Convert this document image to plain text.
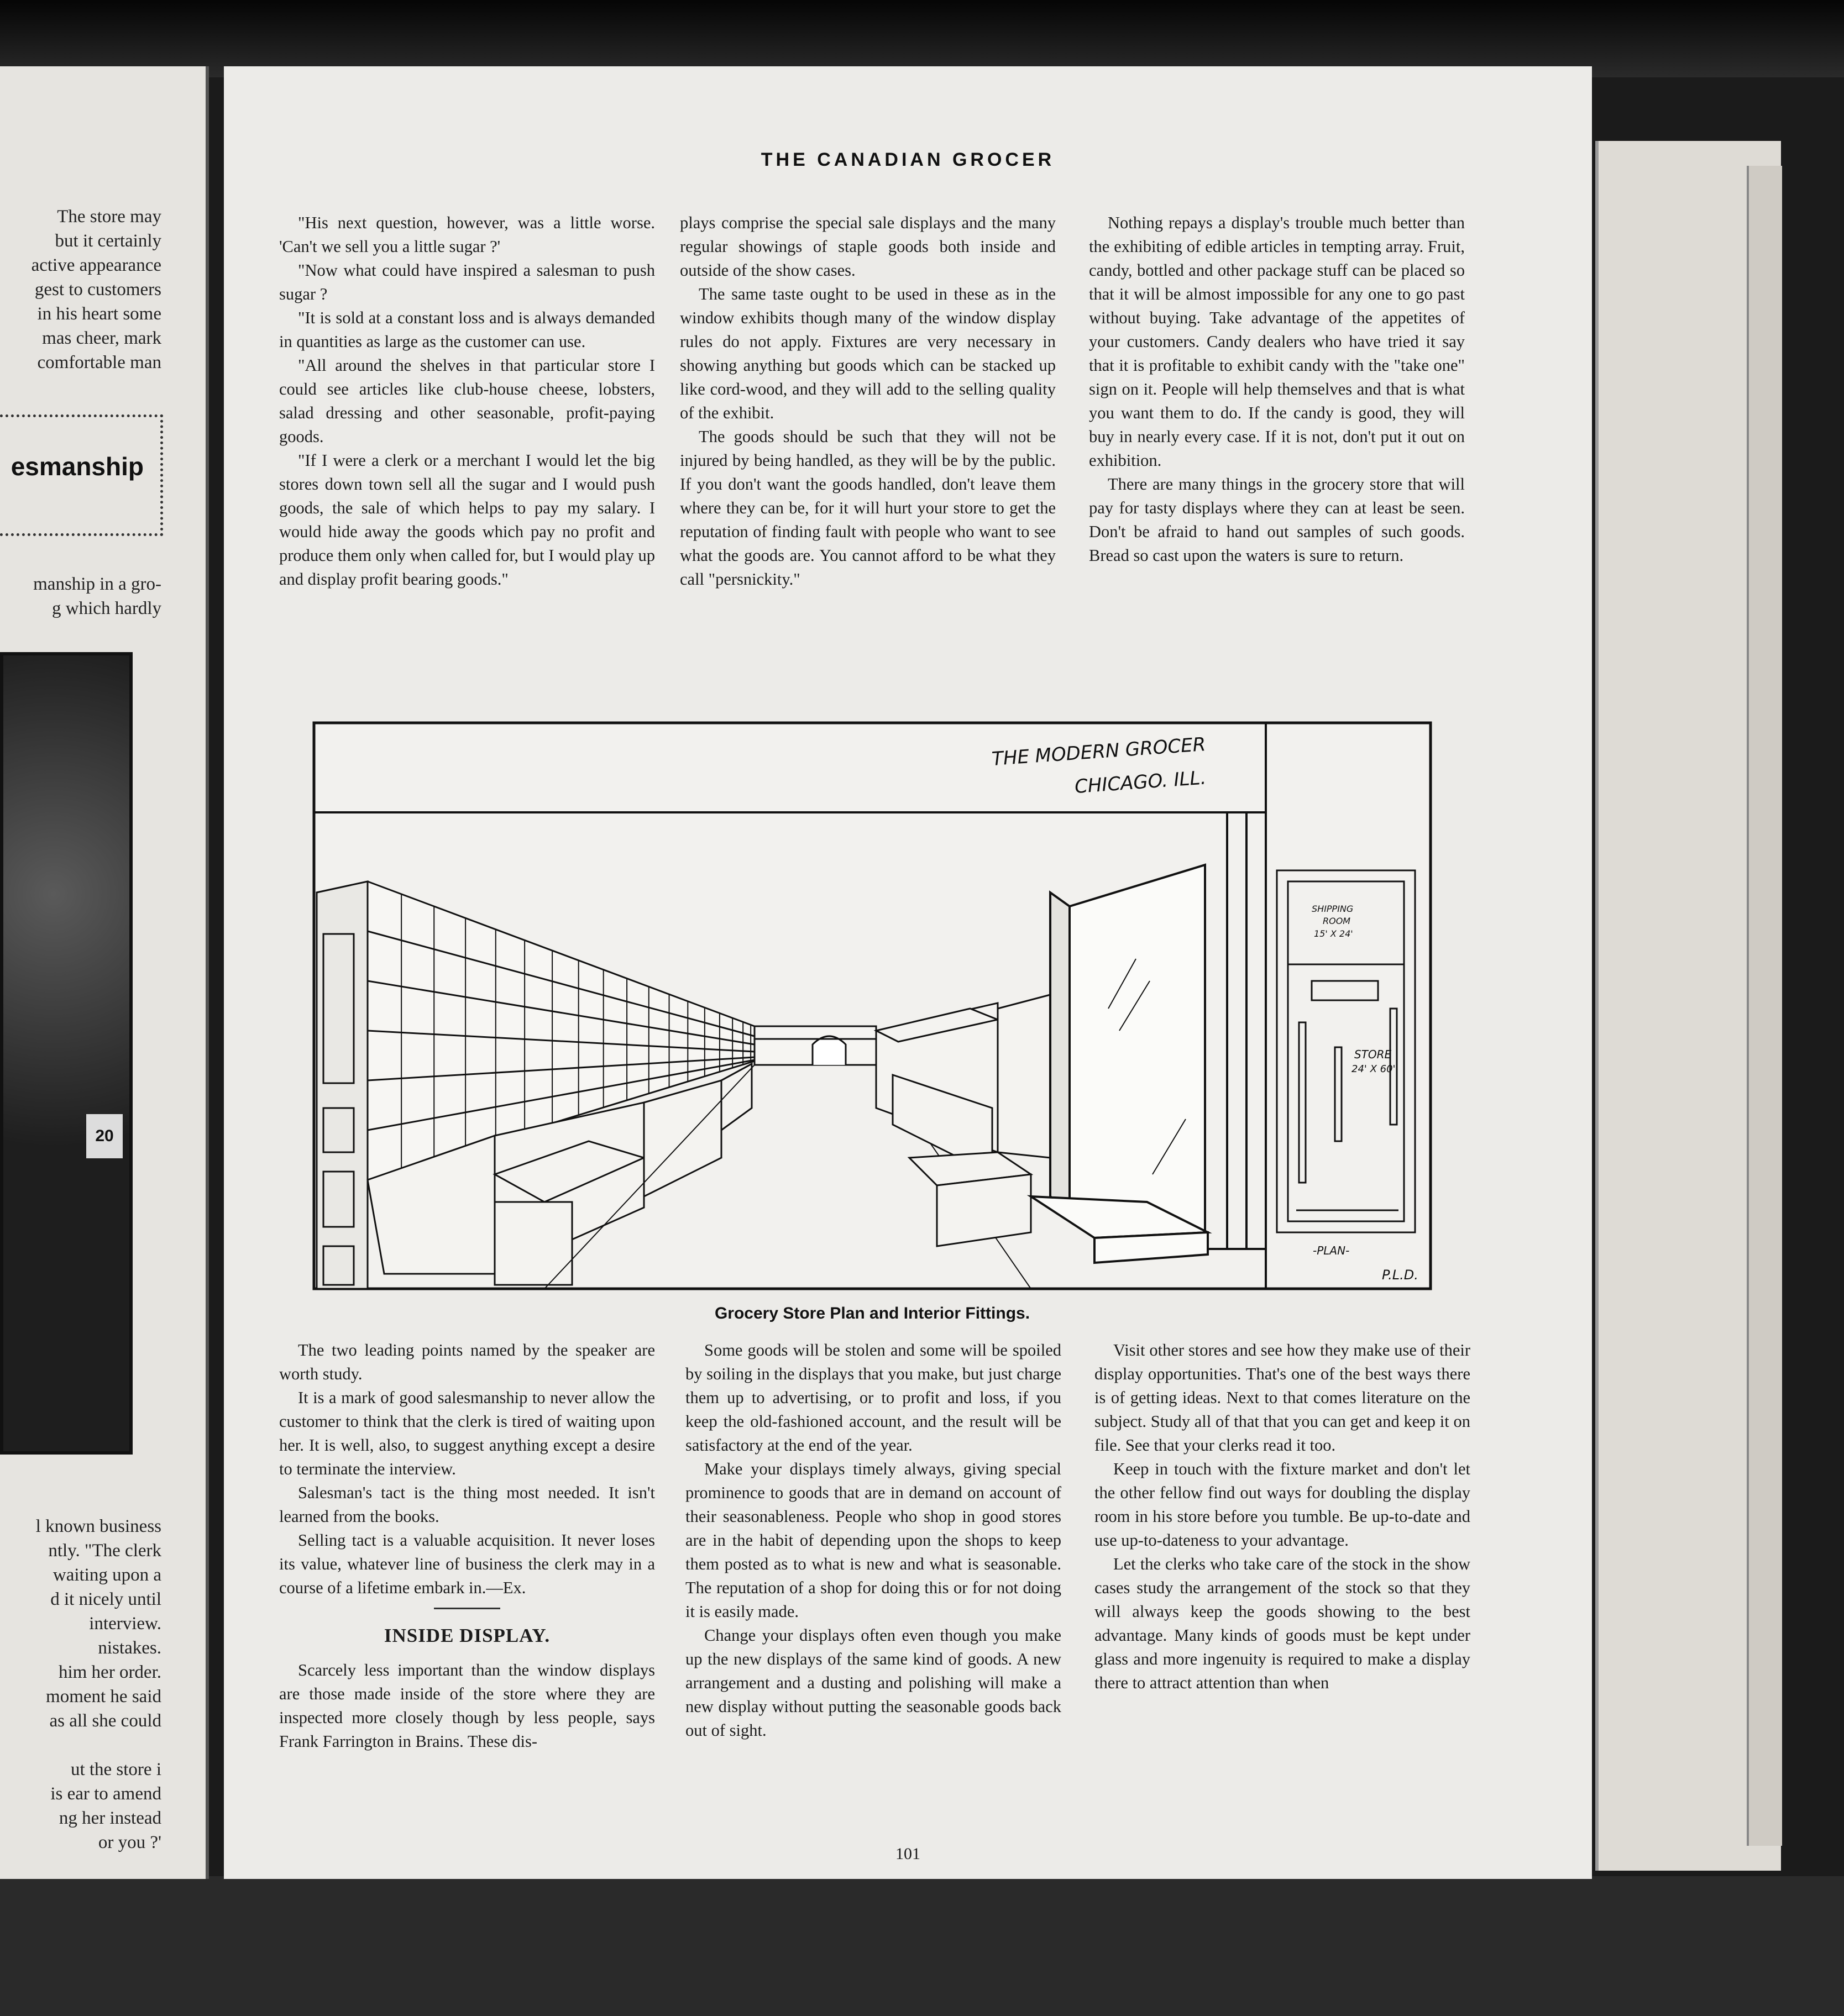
The store may
but it certainly
active appearance
gest to customers
in his heart some
mas cheer, mark
comfortable man
esmanship
manship in a gro-
g which hardly
20
l known business
ntly. "The clerk
waiting upon a
d it nicely until
interview.
nistakes.
him her order.
moment he said
as all she could
ut the store i
is ear to amend
ng her instead
or you ?'
THE CANADIAN GROCER

"His next question, however, was a little worse. 'Can't we sell you a little sugar ?'

"Now what could have inspired a salesman to push sugar ?

"It is sold at a constant loss and is always demanded in quantities as large as the customer can use.

"All around the shelves in that particular store I could see articles like club-house cheese, lobsters, salad dressing and other seasonable, profit-paying goods.

"If I were a clerk or a merchant I would let the big stores down town sell all the sugar and I would push goods, the sale of which helps to pay my salary. I would hide away the goods which pay no profit and produce them only when called for, but I would play up and display profit bearing goods."

plays comprise the special sale displays and the many regular showings of staple goods both inside and outside of the show cases.

The same taste ought to be used in these as in the window exhibits though many of the window display rules do not apply. Fixtures are very necessary in showing anything but goods which can be stacked up like cord-wood, and they will add to the selling quality of the exhibit.

The goods should be such that they will not be injured by being handled, as they will be by the public. If you don't want the goods handled, don't leave them where they can be, for it will hurt your store to get the reputation of finding fault with people who want to see what the goods are. You cannot afford to be what they call "persnickity."

Nothing repays a display's trouble much better than the exhibiting of edible articles in tempting array. Fruit, candy, bottled and other package stuff can be placed so that it will be almost impossible for any one to go past without buying. Take advantage of the appetites of your customers. Candy dealers who have tried it say that it is profitable to exhibit candy with the "take one" sign on it. People will help themselves and that is what you want them to do. If the candy is good, they will buy in nearly every case. If it is not, don't put it out on exhibition.

There are many things in the grocery store that will pay for tasty displays where they can at least be seen. Don't be afraid to hand out samples of such goods. Bread so cast upon the waters is sure to return.

THE MODERN GROCER
CHICAGO. ILL.
SHIPPING
ROOM
15' X 24'
STORE
24' X 60'
-PLAN-
P.L.D.
Grocery Store Plan and Interior Fittings.

The two leading points named by the speaker are worth study.

It is a mark of good salesmanship to never allow the customer to think that the clerk is tired of waiting upon her. It is well, also, to suggest anything except a desire to terminate the interview.

Salesman's tact is the thing most needed. It isn't learned from the books.

Selling tact is a valuable acquisition. It never loses its value, whatever line of business the clerk may in a course of a lifetime embark in.—Ex.

INSIDE DISPLAY.

Scarcely less important than the window displays are those made inside of the store where they are inspected more closely though by less people, says Frank Farrington in Brains. These dis-

Some goods will be stolen and some will be spoiled by soiling in the displays that you make, but just charge them up to advertising, or to profit and loss, if you keep the old-fashioned account, and the result will be satisfactory at the end of the year.

Make your displays timely always, giving special prominence to goods that are in demand on account of their seasonableness. People who shop in good stores are in the habit of depending upon the shops to keep them posted as to what is new and what is seasonable. The reputation of a shop for doing this or for not doing it is easily made.

Change your displays often even though you make up the new displays of the same kind of goods. A new arrangement and a dusting and polishing will make a new display without putting the seasonable goods back out of sight.

Visit other stores and see how they make use of their display opportunities. That's one of the best ways there is of getting ideas. Next to that comes literature on the subject. Study all of that that you can get and keep it on file. See that your clerks read it too.

Keep in touch with the fixture market and don't let the other fellow find out ways for doubling the display room in his store before you tumble. Be up-to-date and use up-to-dateness to your advantage.

Let the clerks who take care of the stock in the show cases study the arrangement of the stock so that they will always keep the goods showing to the best advantage. Many kinds of goods must be kept under glass and more ingenuity is required to make a display there to attract attention than when

101
